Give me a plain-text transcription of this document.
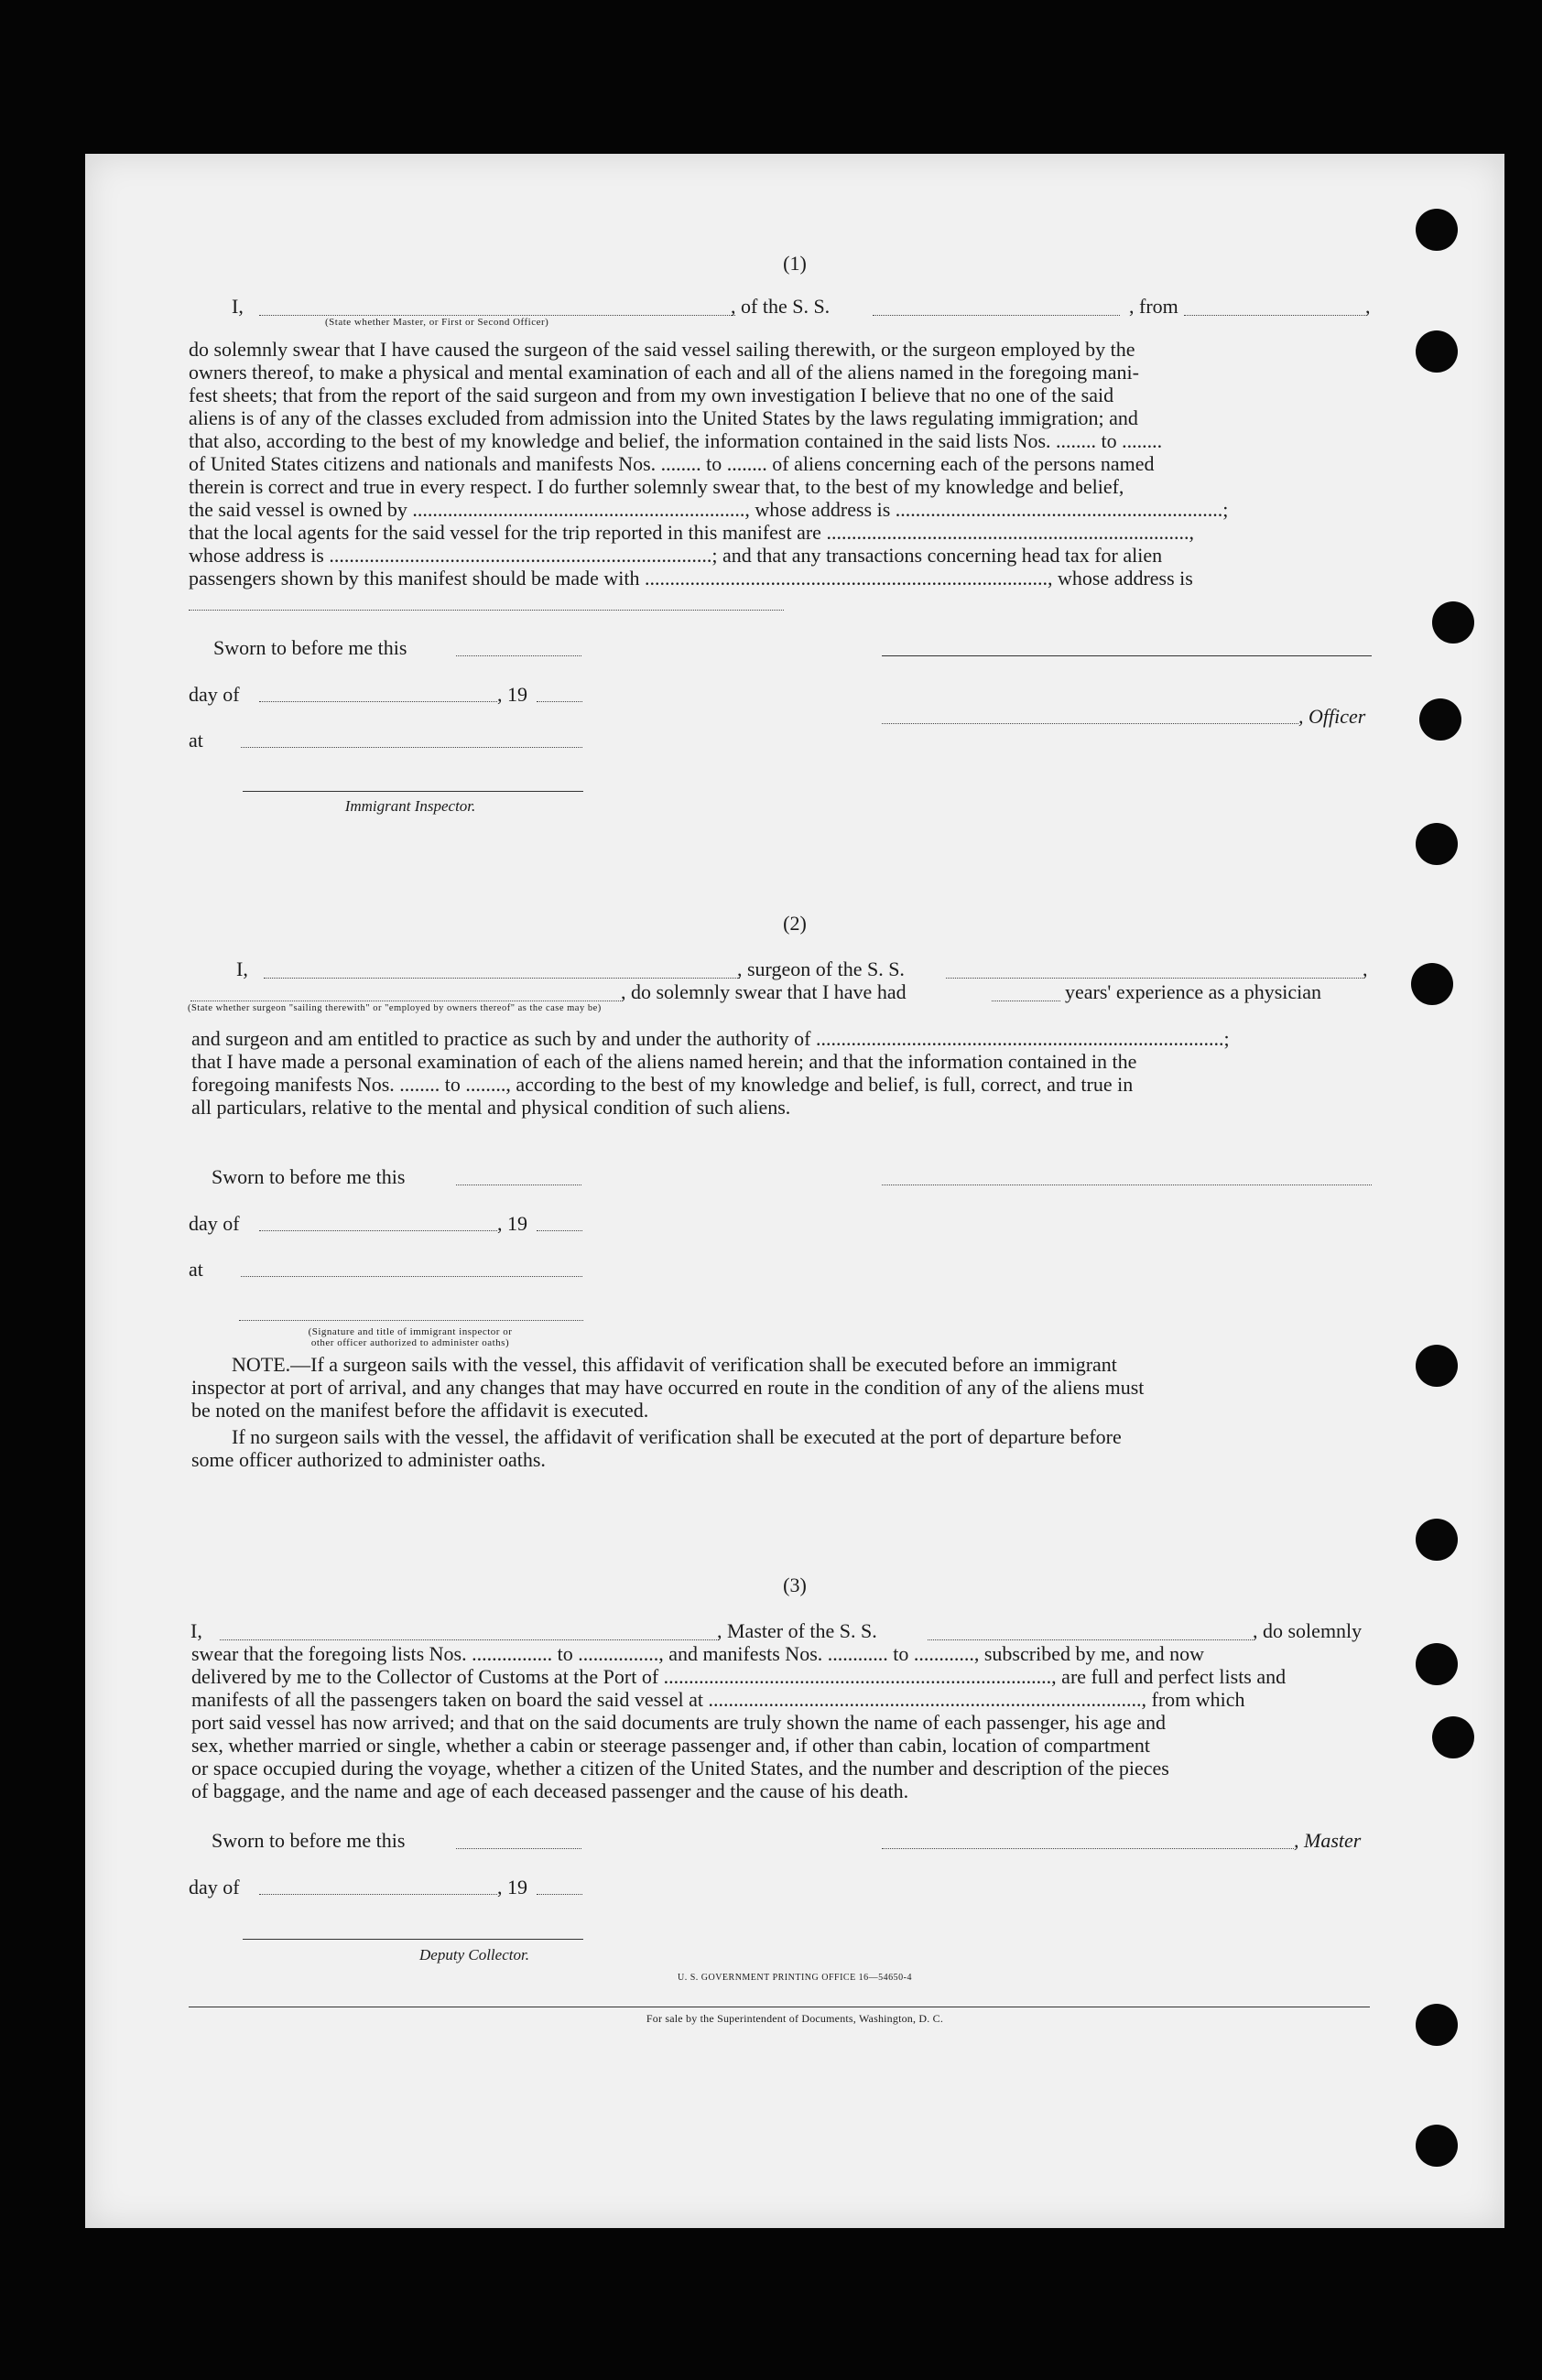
(1)
I,	, of the S. S.	, from	,
(State whether Master, or First or Second Officer)
do solemnly swear that I have caused the surgeon of the said vessel sailing therewith, or the surgeon employed by the
owners thereof, to make a physical and mental examination of each and all of the aliens named in the foregoing mani-
fest sheets; that from the report of the said surgeon and from my own investigation I believe that no one of the said
aliens is of any of the classes excluded from admission into the United States by the laws regulating immigration; and
that also, according to the best of my knowledge and belief, the information contained in the said lists Nos. ........ to ........
of United States citizens and nationals and manifests Nos. ........ to ........ of aliens concerning each of the persons named
therein is correct and true in every respect. I do further solemnly swear that, to the best of my knowledge and belief,
the said vessel is owned by .................................................................., whose address is .................................................................;
that the local agents for the said vessel for the trip reported in this manifest are ........................................................................,
whose address is ............................................................................; and that any transactions concerning head tax for alien
passengers shown by this manifest should be made with ................................................................................, whose address is
Sworn to before me this
day of	, 19
, Officer
at
Immigrant Inspector.
(2)
I,	, surgeon of the S. S.	,
, do solemnly swear that I have had	years' experience as a physician
(State whether surgeon "sailing therewith" or "employed by owners thereof" as the case may be)
and surgeon and am entitled to practice as such by and under the authority of .................................................................................;
that I have made a personal examination of each of the aliens named herein; and that the information contained in the
foregoing manifests Nos. ........ to ........, according to the best of my knowledge and belief, is full, correct, and true in
all particulars, relative to the mental and physical condition of such aliens.
Sworn to before me this
day of	, 19
at
(Signature and title of immigrant inspector or
other officer authorized to administer oaths)
NOTE.—If a surgeon sails with the vessel, this affidavit of verification shall be executed before an immigrant
inspector at port of arrival, and any changes that may have occurred en route in the condition of any of the aliens must
be noted on the manifest before the affidavit is executed.
If no surgeon sails with the vessel, the affidavit of verification shall be executed at the port of departure before
some officer authorized to administer oaths.
(3)
I,	, Master of the S. S.	, do solemnly
swear that the foregoing lists Nos. ................ to ................, and manifests Nos. ............ to ............, subscribed by me, and now
delivered by me to the Collector of Customs at the Port of ............................................................................., are full and perfect lists and
manifests of all the passengers taken on board the said vessel at ......................................................................................, from which
port said vessel has now arrived; and that on the said documents are truly shown the name of each passenger, his age and
sex, whether married or single, whether a cabin or steerage passenger and, if other than cabin, location of compartment
or space occupied during the voyage, whether a citizen of the United States, and the number and description of the pieces
of baggage, and the name and age of each deceased passenger and the cause of his death.
Sworn to before me this	, Master
day of	, 19
Deputy Collector.
U. S. GOVERNMENT PRINTING OFFICE 16—54650-4
For sale by the Superintendent of Documents, Washington, D. C.
